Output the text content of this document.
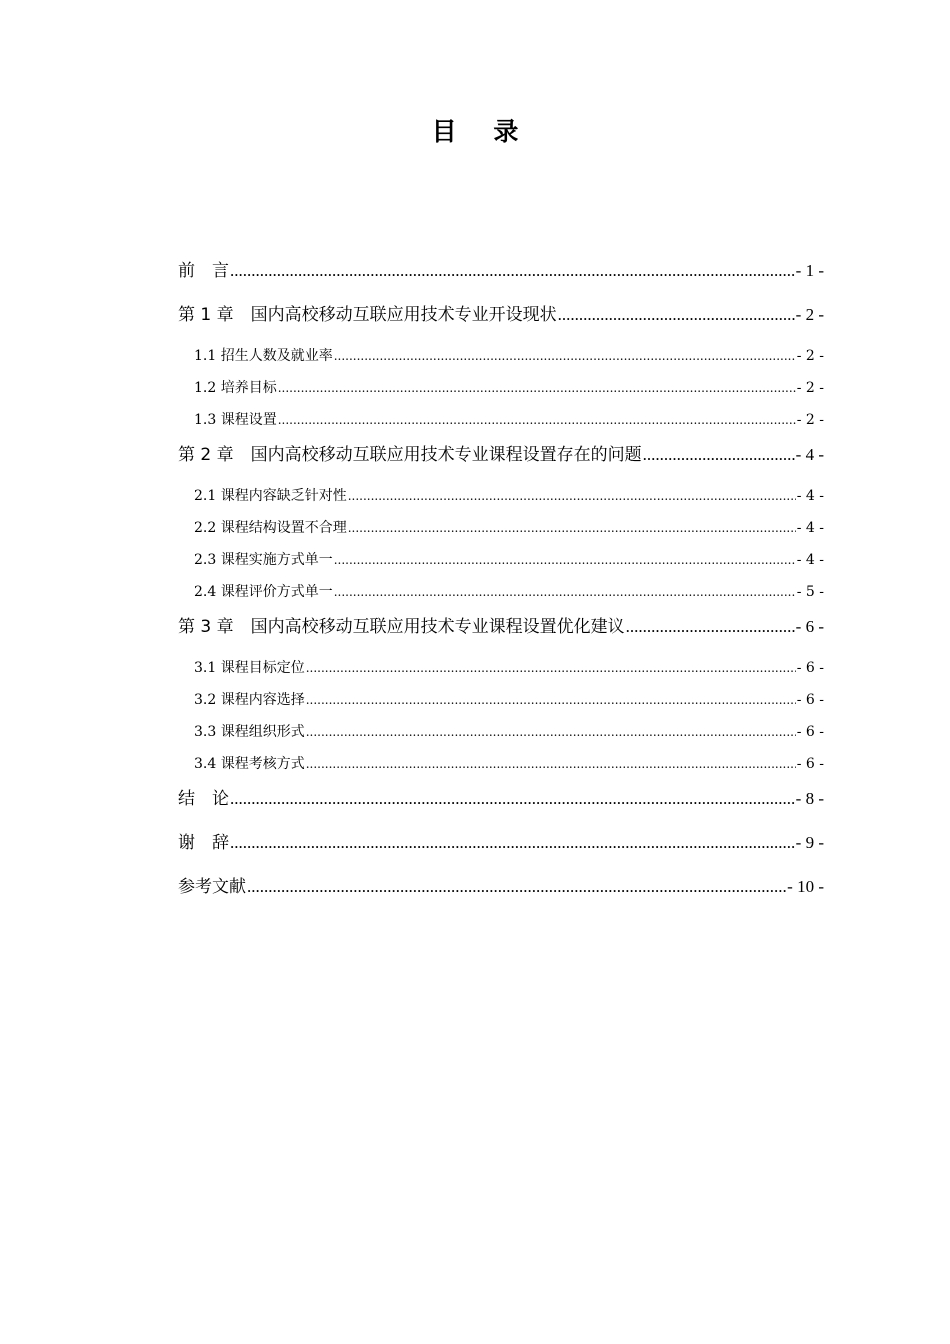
目 录
前　言 .....	- 1 -
第 1 章　国内高校移动互联应用技术专业开设现状 .....	- 2 -
1.1 招生人数及就业率 .....	- 2 -
1.2 培养目标 .....	- 2 -
1.3 课程设置 .....	- 2 -
第 2 章　国内高校移动互联应用技术专业课程设置存在的问题 .....	- 4 -
2.1 课程内容缺乏针对性 .....	- 4 -
2.2 课程结构设置不合理 .....	- 4 -
2.3 课程实施方式单一 .....	- 4 -
2.4 课程评价方式单一 .....	- 5 -
第 3 章　国内高校移动互联应用技术专业课程设置优化建议 .....	- 6 -
3.1 课程目标定位 .....	- 6 -
3.2 课程内容选择 .....	- 6 -
3.3 课程组织形式 .....	- 6 -
3.4 课程考核方式 .....	- 6 -
结　论 .....	- 8 -
谢　辞 .....	- 9 -
参考文献 .....	- 10 -
